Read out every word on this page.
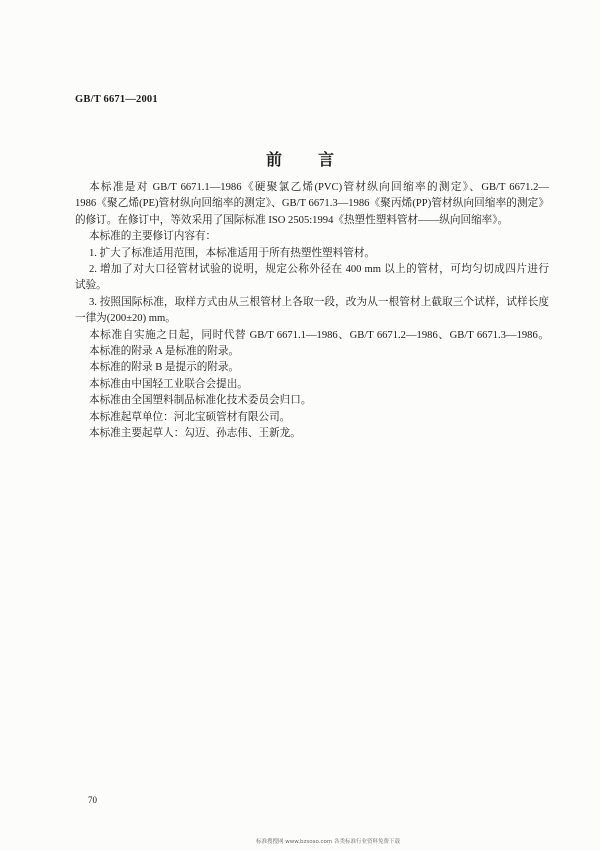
GB/T 6671—2001
前　言
本标准是对 GB/T 6671.1—1986《硬聚氯乙烯(PVC)管材纵向回缩率的测定》、GB/T 6671.2—
1986《聚乙烯(PE)管材纵向回缩率的测定》、GB/T 6671.3—1986《聚丙烯(PP)管材纵向回缩率的测定》
的修订。在修订中，等效采用了国际标准 ISO 2505:1994《热塑性塑料管材——纵向回缩率》。
本标准的主要修订内容有：
1. 扩大了标准适用范围，本标准适用于所有热塑性塑料管材。
2. 增加了对大口径管材试验的说明，规定公称外径在 400 mm 以上的管材，可均匀切成四片进行
试验。
3. 按照国际标准，取样方式由从三根管材上各取一段，改为从一根管材上截取三个试样，试样长度
一律为(200±20) mm。
本标准自实施之日起，同时代替 GB/T 6671.1—1986、GB/T 6671.2—1986、GB/T 6671.3—1986。
本标准的附录 A 是标准的附录。
本标准的附录 B 是提示的附录。
本标准由中国轻工业联合会提出。
本标准由全国塑料制品标准化技术委员会归口。
本标准起草单位：河北宝硕管材有限公司。
本标准主要起草人：勾迈、孙志伟、王新龙。
70
标准搜搜网 www.bzsoso.com 各类标准行业资料免费下载
